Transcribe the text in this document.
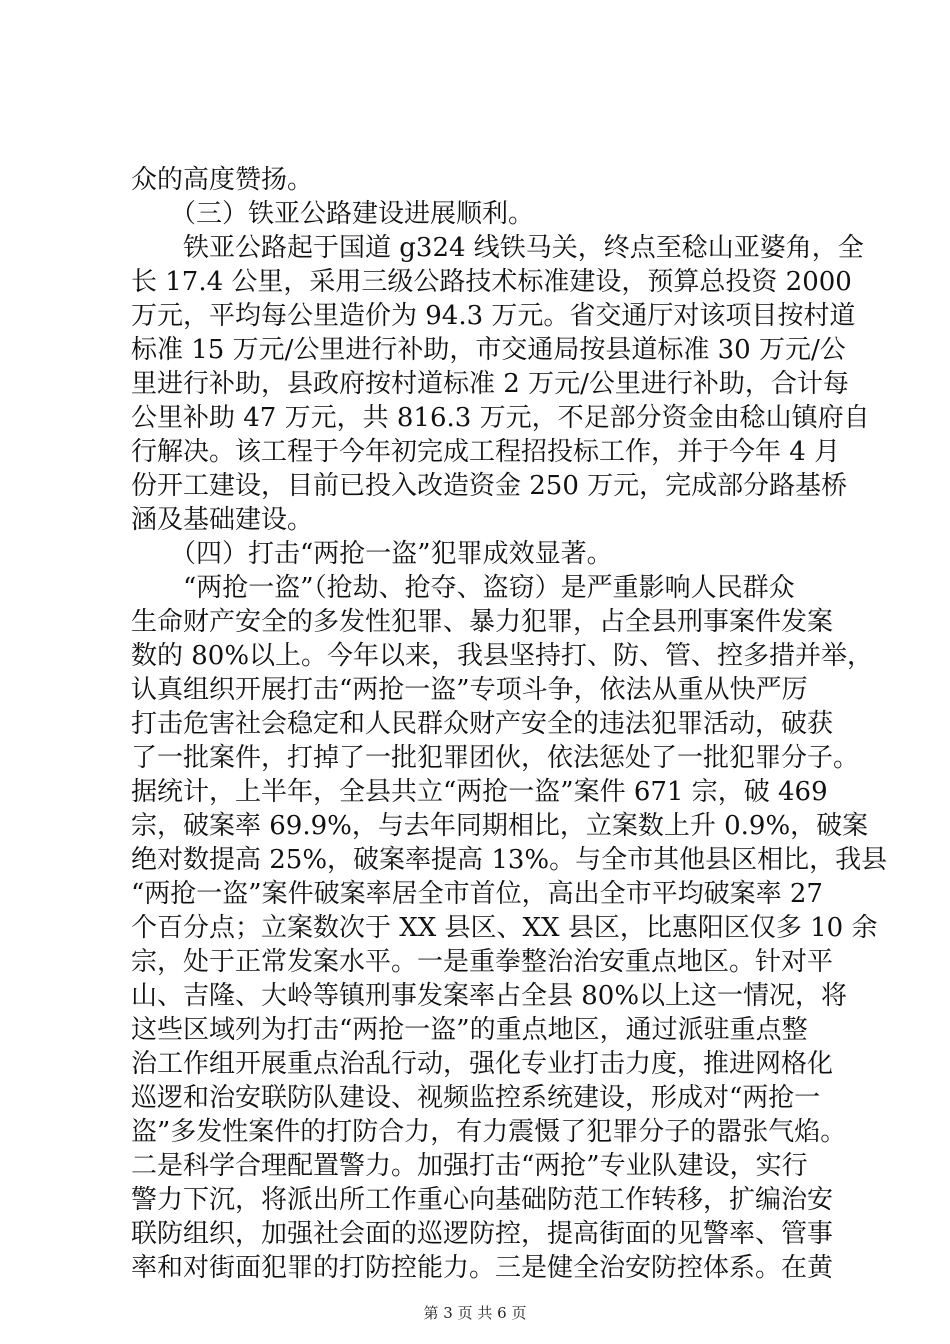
众的高度赞扬。
　　（三）铁亚公路建设进展顺利。
　　铁亚公路起于国道 g324 线铁马关，终点至稔山亚婆角，全
长 17.4 公里，采用三级公路技术标准建设，预算总投资 2000
万元，平均每公里造价为 94.3 万元。省交通厅对该项目按村道
标准 15 万元/公里进行补助，市交通局按县道标准 30 万元/公
里进行补助，县政府按村道标准 2 万元/公里进行补助，合计每
公里补助 47 万元，共 816.3 万元，不足部分资金由稔山镇府自
行解决。该工程于今年初完成工程招投标工作，并于今年 4 月
份开工建设，目前已投入改造资金 250 万元，完成部分路基桥
涵及基础建设。
　　（四）打击“两抢一盗”犯罪成效显著。
　　“两抢一盗”（抢劫、抢夺、盗窃）是严重影响人民群众
生命财产安全的多发性犯罪、暴力犯罪，占全县刑事案件发案
数的 80%以上。今年以来，我县坚持打、防、管、控多措并举，
认真组织开展打击“两抢一盗”专项斗争，依法从重从快严厉
打击危害社会稳定和人民群众财产安全的违法犯罪活动，破获
了一批案件，打掉了一批犯罪团伙，依法惩处了一批犯罪分子。
据统计，上半年，全县共立“两抢一盗”案件 671 宗，破 469
宗，破案率 69.9%，与去年同期相比，立案数上升 0.9%，破案
绝对数提高 25%，破案率提高 13%。与全市其他县区相比，我县
“两抢一盗”案件破案率居全市首位，高出全市平均破案率 27
个百分点；立案数次于 XX 县区、XX 县区，比惠阳区仅多 10 余
宗，处于正常发案水平。一是重拳整治治安重点地区。针对平
山、吉隆、大岭等镇刑事发案率占全县 80%以上这一情况，将
这些区域列为打击“两抢一盗”的重点地区，通过派驻重点整
治工作组开展重点治乱行动，强化专业打击力度，推进网格化
巡逻和治安联防队建设、视频监控系统建设，形成对“两抢一
盗”多发性案件的打防合力，有力震慑了犯罪分子的嚣张气焰。
二是科学合理配置警力。加强打击“两抢”专业队建设，实行
警力下沉，将派出所工作重心向基础防范工作转移，扩编治安
联防组织，加强社会面的巡逻防控，提高街面的见警率、管事
率和对街面犯罪的打防控能力。三是健全治安防控体系。在黄
第 3 页 共 6 页
